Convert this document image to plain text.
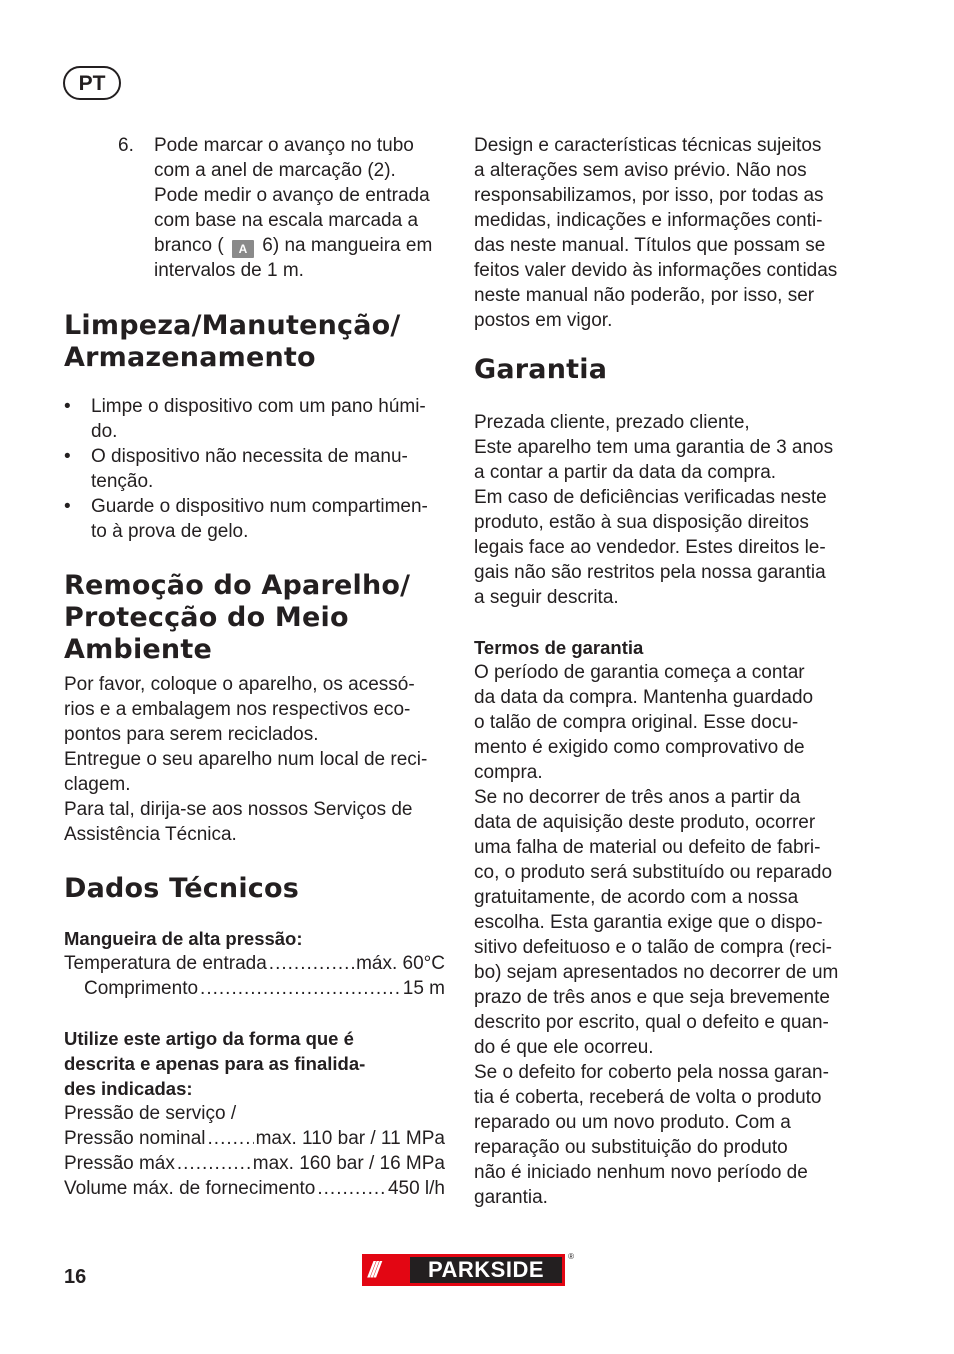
PT
6. Pode marcar o avanço no tubo

com a anel de marcação (2).

Pode medir o avanço de entrada

com base na escala marcada a

branco ( A 6) na mangueira em

intervalos de 1 m.

Limpeza/Manutenção/
Armazenamento
•	Limpe o dispositivo com um pano húmi-
do.
•	O dispositivo não necessita de manu-
tenção.
•	Guarde o dispositivo num compartimen-
to à prova de gelo.
Remoção do Aparelho/
Protecção do Meio
Ambiente

Por favor, coloque o aparelho, os acessó-

rios e a embalagem nos respectivos eco-

pontos para serem reciclados.

Entregue o seu aparelho num local de reci-

clagem.

Para tal, dirija-se aos nossos Serviços de

Assistência Técnica.

Dados Técnicos

Mangueira de alta pressão:

Temperatura de entrada .....	máx. 60°C
Comprimento .....	15 m

Utilize este artigo da forma que é

descrita e apenas para as finalida-

des indicadas:

Pressão de serviço /

Pressão nominal .....	max. 110 bar / 11 MPa
Pressão máx .....	max. 160 bar / 16 MPa
Volume máx. de fornecimento .....	450 l/h

Design e características técnicas sujeitos

a alterações sem aviso prévio. Não nos

responsabilizamos, por isso, por todas as

medidas, indicações e informações conti-

das neste manual. Títulos que possam se

feitos valer devido às informações contidas

neste manual não poderão, por isso, ser

postos em vigor.

Garantia

Prezada cliente, prezado cliente,

Este aparelho tem uma garantia de 3 anos

a contar a partir da data da compra.

Em caso de deficiências verificadas neste

produto, estão à sua disposição direitos

legais face ao vendedor. Estes direitos le-

gais não são restritos pela nossa garantia

a seguir descrita.

Termos de garantia

O período de garantia começa a contar

da data da compra. Mantenha guardado

o talão de compra original. Esse docu-

mento é exigido como comprovativo de

compra.

Se no decorrer de três anos a partir da

data de aquisição deste produto, ocorrer

uma falha de material ou defeito de fabri-

co, o produto será substituído ou reparado

gratuitamente, de acordo com a nossa

escolha. Esta garantia exige que o dispo-

sitivo defeituoso e o talão de compra (reci-

bo) sejam apresentados no decorrer de um

prazo de três anos e que seja brevemente

descrito por escrito, qual o defeito e quan-

do é que ele ocorreu.

Se o defeito for coberto pela nossa garan-

tia é coberta, receberá de volta o produto

reparado ou um novo produto. Com a

reparação ou substituição do produto

não é iniciado nenhum novo período de

garantia.

16	///	PARKSIDE
®
